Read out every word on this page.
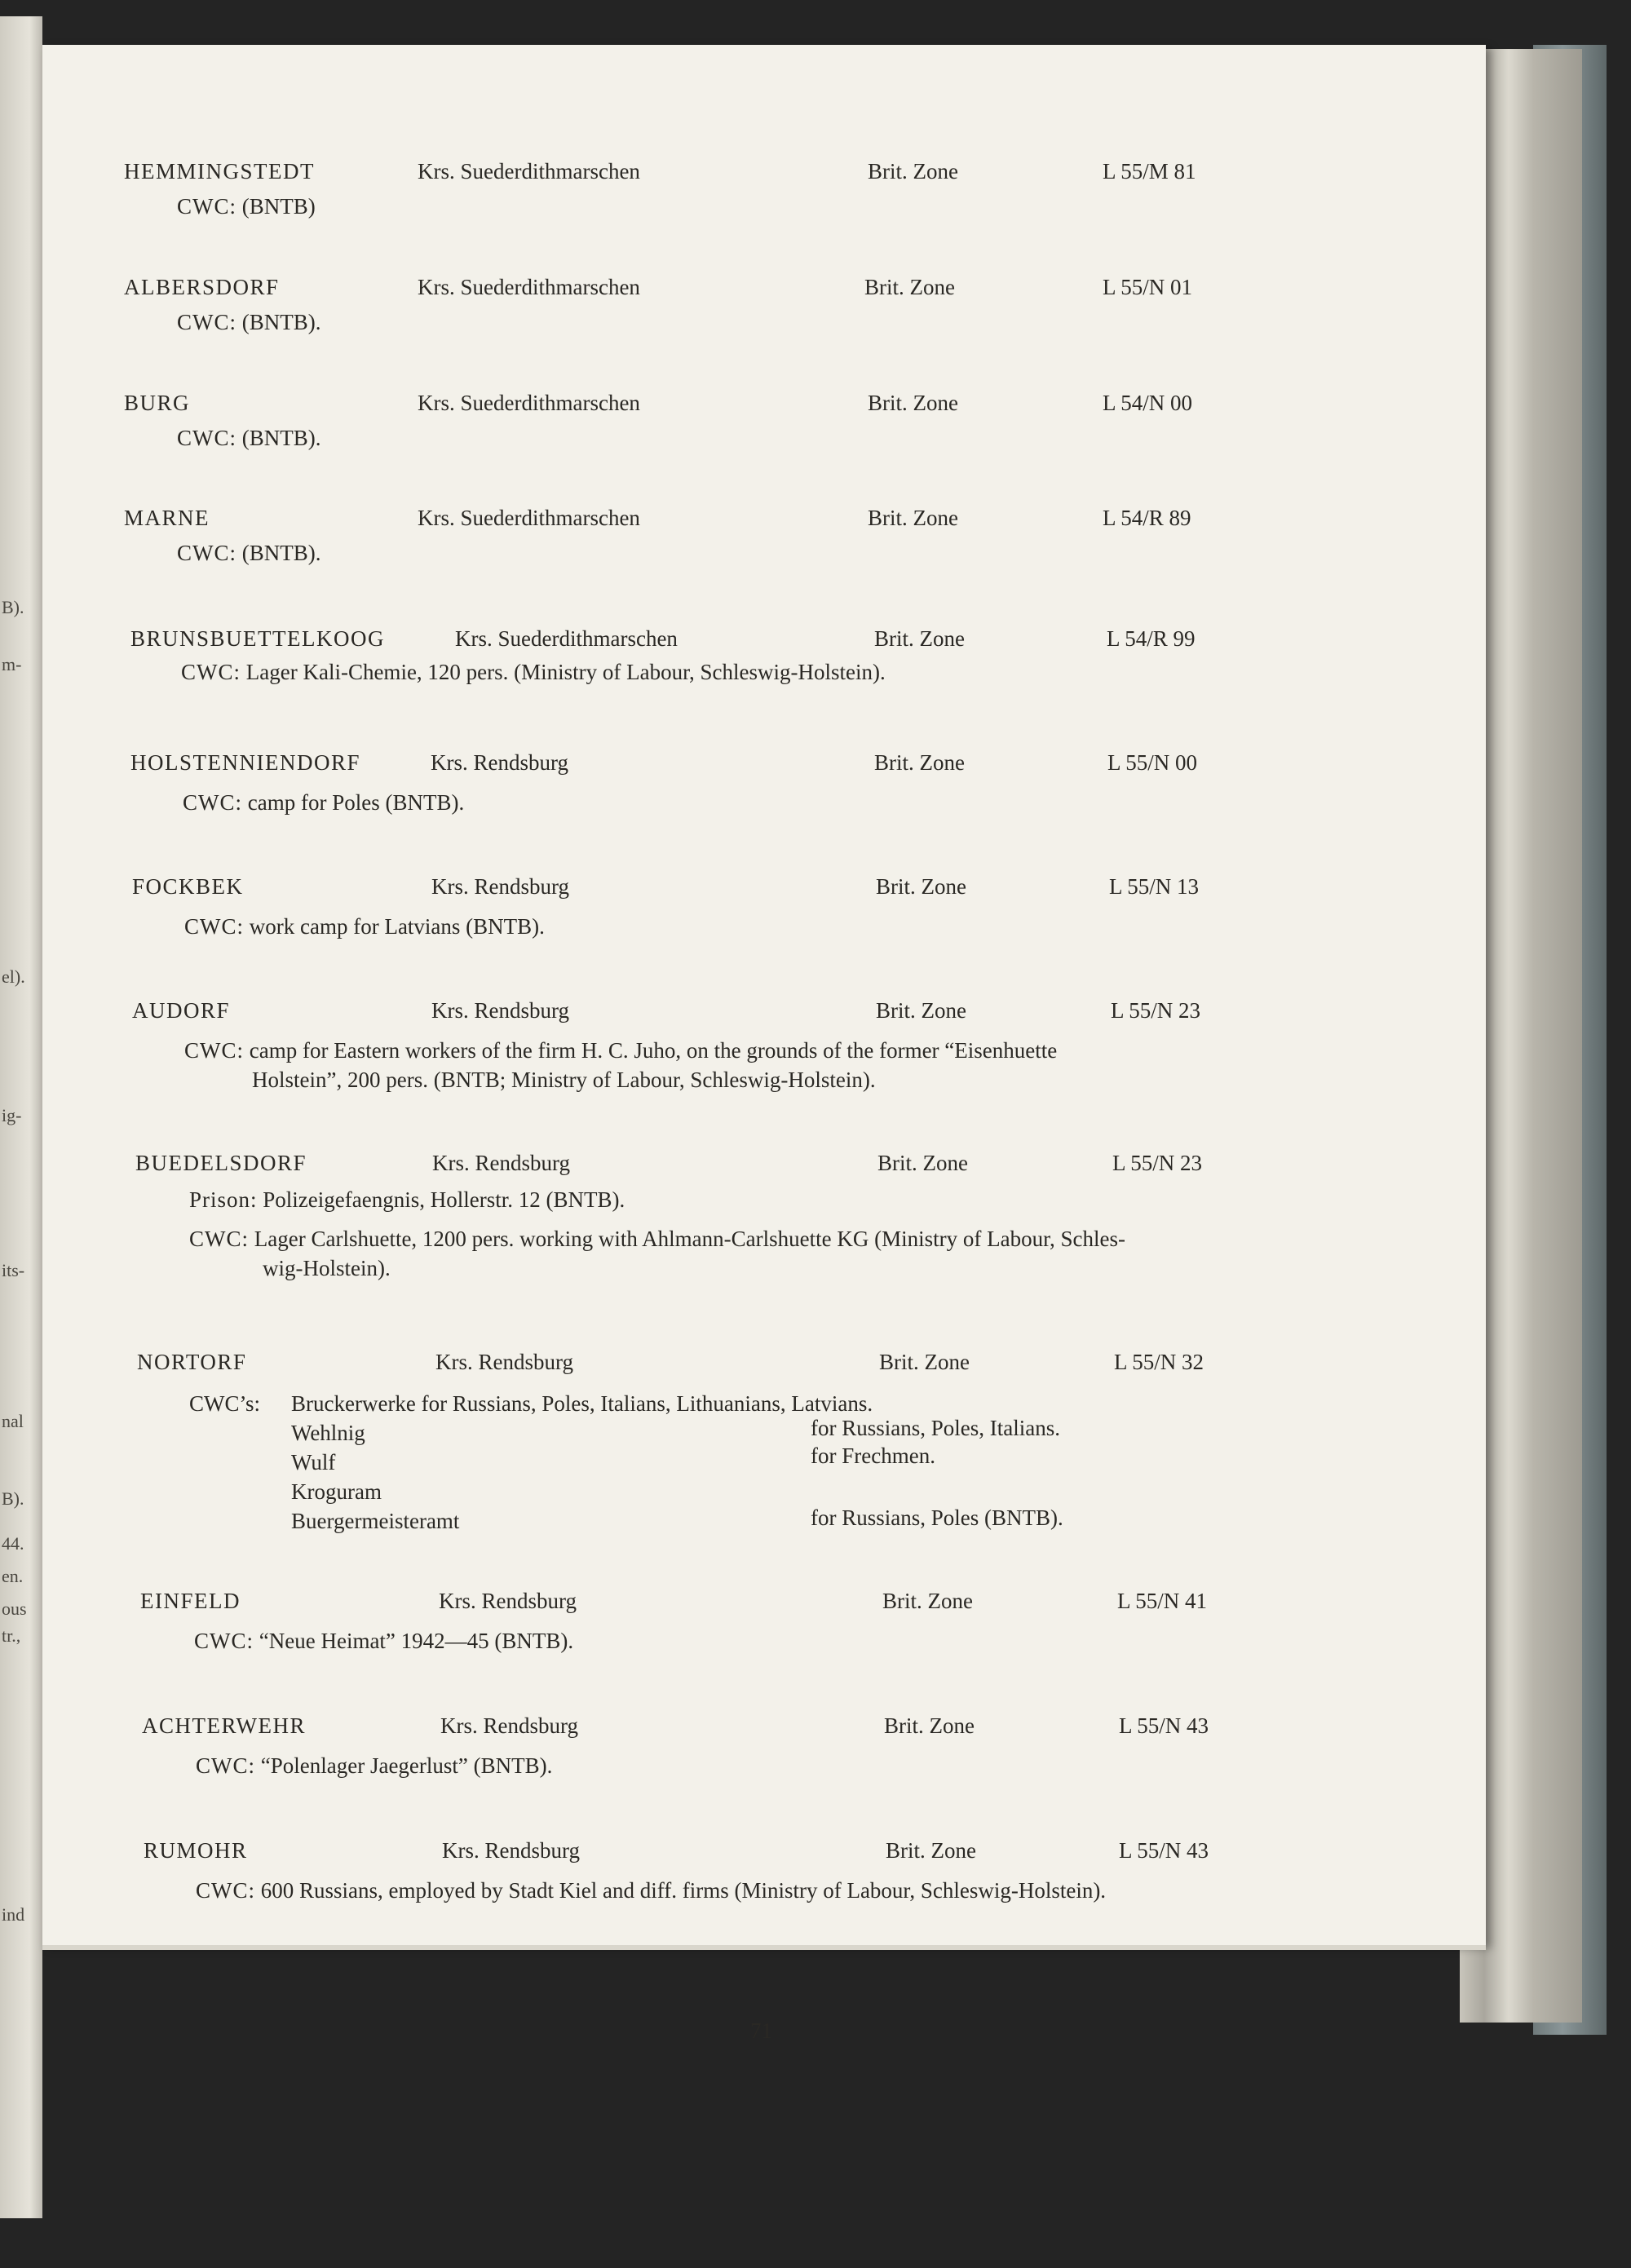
B).
m-
el).
ig-
its-
nal
B).
44.
en.
ous
tr.,
ind
HEMMINGSTEDT	Krs. Suederdithmarschen	Brit. Zone	L 55/M 81
CWC: (BNTB)
ALBERSDORF	Krs. Suederdithmarschen	Brit. Zone	L 55/N 01
CWC: (BNTB).
BURG	Krs. Suederdithmarschen	Brit. Zone	L 54/N 00
CWC: (BNTB).
MARNE	Krs. Suederdithmarschen	Brit. Zone	L 54/R 89
CWC: (BNTB).
BRUNSBUETTELKOOG	Krs. Suederdithmarschen	Brit. Zone	L 54/R 99
CWC: Lager Kali-Chemie, 120 pers. (Ministry of Labour, Schleswig-Holstein).
HOLSTENNIENDORF	Krs. Rendsburg	Brit. Zone	L 55/N 00
CWC: camp for Poles (BNTB).
FOCKBEK	Krs. Rendsburg	Brit. Zone	L 55/N 13
CWC: work camp for Latvians (BNTB).
AUDORF	Krs. Rendsburg	Brit. Zone	L 55/N 23
CWC: camp for Eastern workers of the firm H. C. Juho, on the grounds of the former “Eisenhuette
Holstein”, 200 pers. (BNTB; Ministry of Labour, Schleswig-Holstein).
BUEDELSDORF	Krs. Rendsburg	Brit. Zone	L 55/N 23
Prison: Polizeigefaengnis, Hollerstr. 12 (BNTB).
CWC: Lager Carlshuette, 1200 pers. working with Ahlmann-Carlshuette KG (Ministry of Labour, Schles-
wig-Holstein).
NORTORF	Krs. Rendsburg	Brit. Zone	L 55/N 32
CWC’s: Bruckerwerke for Russians, Poles, Italians, Lithuanians, Latvians.
Wehlnig	for Russians, Poles, Italians.
Wulf	for Frechmen.
Kroguram
Buergermeisteramt	for Russians, Poles (BNTB).
EINFELD	Krs. Rendsburg	Brit. Zone	L 55/N 41
CWC: “Neue Heimat” 1942—45 (BNTB).
ACHTERWEHR	Krs. Rendsburg	Brit. Zone	L 55/N 43
CWC: “Polenlager Jaegerlust” (BNTB).
RUMOHR	Krs. Rendsburg	Brit. Zone	L 55/N 43
CWC: 600 Russians, employed by Stadt Kiel and diff. firms (Ministry of Labour, Schleswig-Holstein).
71
